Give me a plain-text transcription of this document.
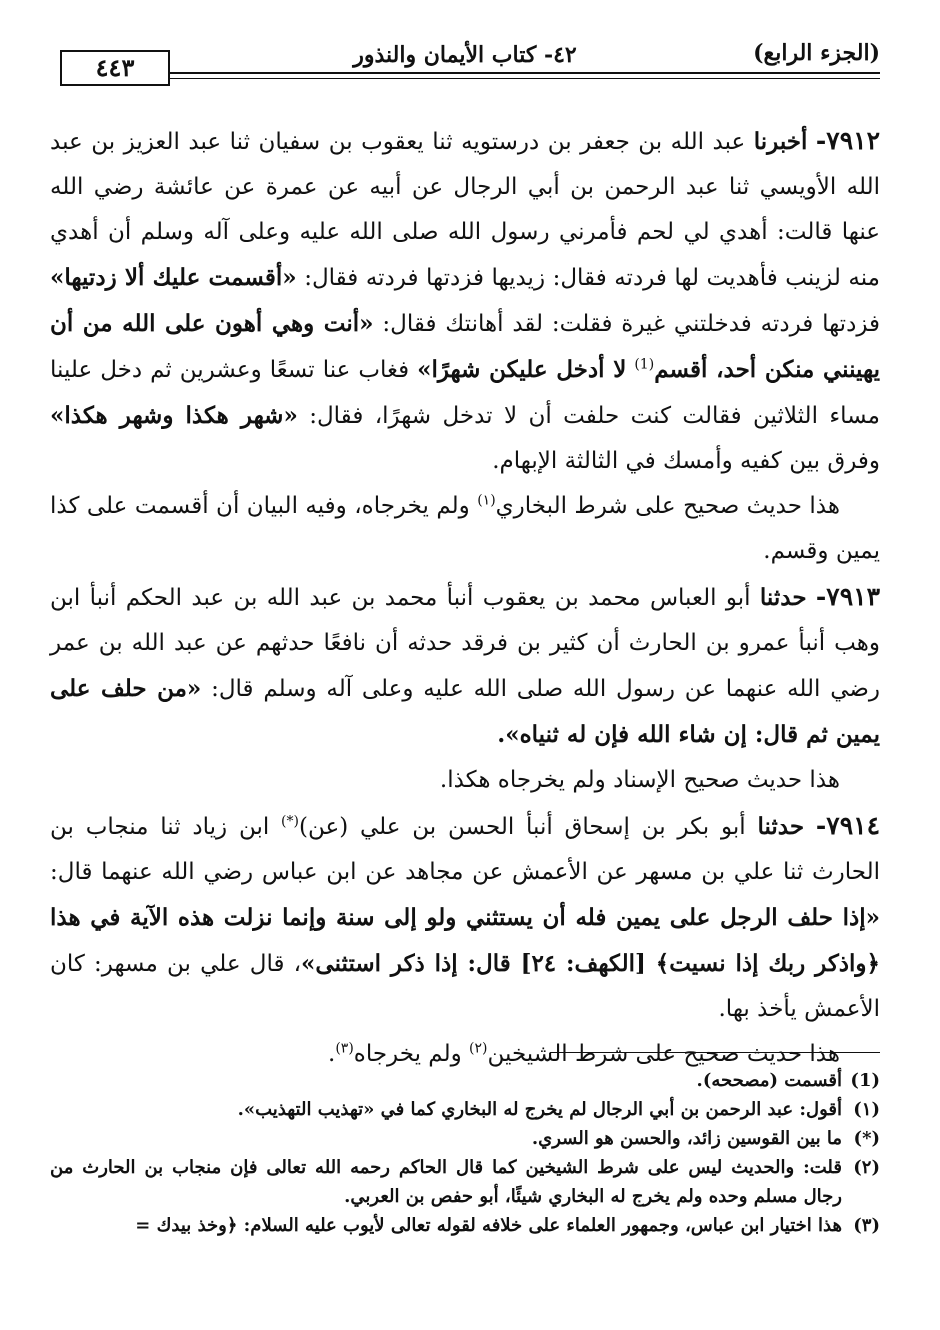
(الجزء الرابع)
٤٢- كتاب الأيمان والنذور
٤٤٣

٧٩١٢- أخبرنا عبد الله بن جعفر بن درستويه ثنا يعقوب بن سفيان ثنا عبد العزيز بن عبد الله الأويسي ثنا عبد الرحمن بن أبي الرجال عن أبيه عن عمرة عن عائشة رضي الله عنها قالت: أهدي لي لحم فأمرني رسول الله صلى الله عليه وعلى آله وسلم أن أهدي منه لزينب فأهديت لها فردته فقال: زيديها فزدتها فردته فقال: «أقسمت عليك ألا زدتيها» فزدتها فردته فدخلتني غيرة فقلت: لقد أهانتك فقال: «أنت وهي أهون على الله من أن يهينني منكن أحد، أقسم$^{(1)}$ لا أدخل عليكن شهرًا» فغاب عنا تسعًا وعشرين ثم دخل علينا مساء الثلاثين فقالت كنت حلفت أن لا تدخل شهرًا، فقال: «شهر هكذا وشهر هكذا» وفرق بين كفيه وأمسك في الثالثة الإبهام.

هذا حديث صحيح على شرط البخاري$^{(١)}$ ولم يخرجاه، وفيه البيان أن أقسمت على كذا يمين وقسم.

٧٩١٣- حدثنا أبو العباس محمد بن يعقوب أنبأ محمد بن عبد الله بن عبد الحكم أنبأ ابن وهب أنبأ عمرو بن الحارث أن كثير بن فرقد حدثه أن نافعًا حدثهم عن عبد الله بن عمر رضي الله عنهما عن رسول الله صلى الله عليه وعلى آله وسلم قال: «من حلف على يمين ثم قال: إن شاء الله فإن له ثنياه».

هذا حديث صحيح الإسناد ولم يخرجاه هكذا.

٧٩١٤- حدثنا أبو بكر بن إسحاق أنبأ الحسن بن علي (عن)(*) ابن زياد ثنا منجاب بن الحارث ثنا علي بن مسهر عن الأعمش عن مجاهد عن ابن عباس رضي الله عنهما قال: «إذا حلف الرجل على يمين فله أن يستثني ولو إلى سنة وإنما نزلت هذه الآية في هذا ﴿واذكر ربك إذا نسيت﴾ [الكهف: ٢٤] قال: إذا ذكر استثنى»، قال علي بن مسهر: كان الأعمش يأخذ بها.

هذا حديث صحيح على شرط الشيخين$^{(٢)}$ ولم يخرجاه$^{(٣)}$.

(1)
أقسمت (مصححه).

(١)
أقول: عبد الرحمن بن أبي الرجال لم يخرج له البخاري كما في «تهذيب التهذيب».

(*)
ما بين القوسين زائد، والحسن هو السري.

(٢)
قلت: والحديث ليس على شرط الشيخين كما قال الحاكم رحمه الله تعالى فإن منجاب بن الحارث من رجال مسلم وحده ولم يخرج له البخاري شيئًا، أبو حفص بن العربي.

(٣)
هذا اختيار ابن عباس، وجمهور العلماء على خلافه لقوله تعالى لأيوب عليه السلام: ﴿وخذ بيدك =
